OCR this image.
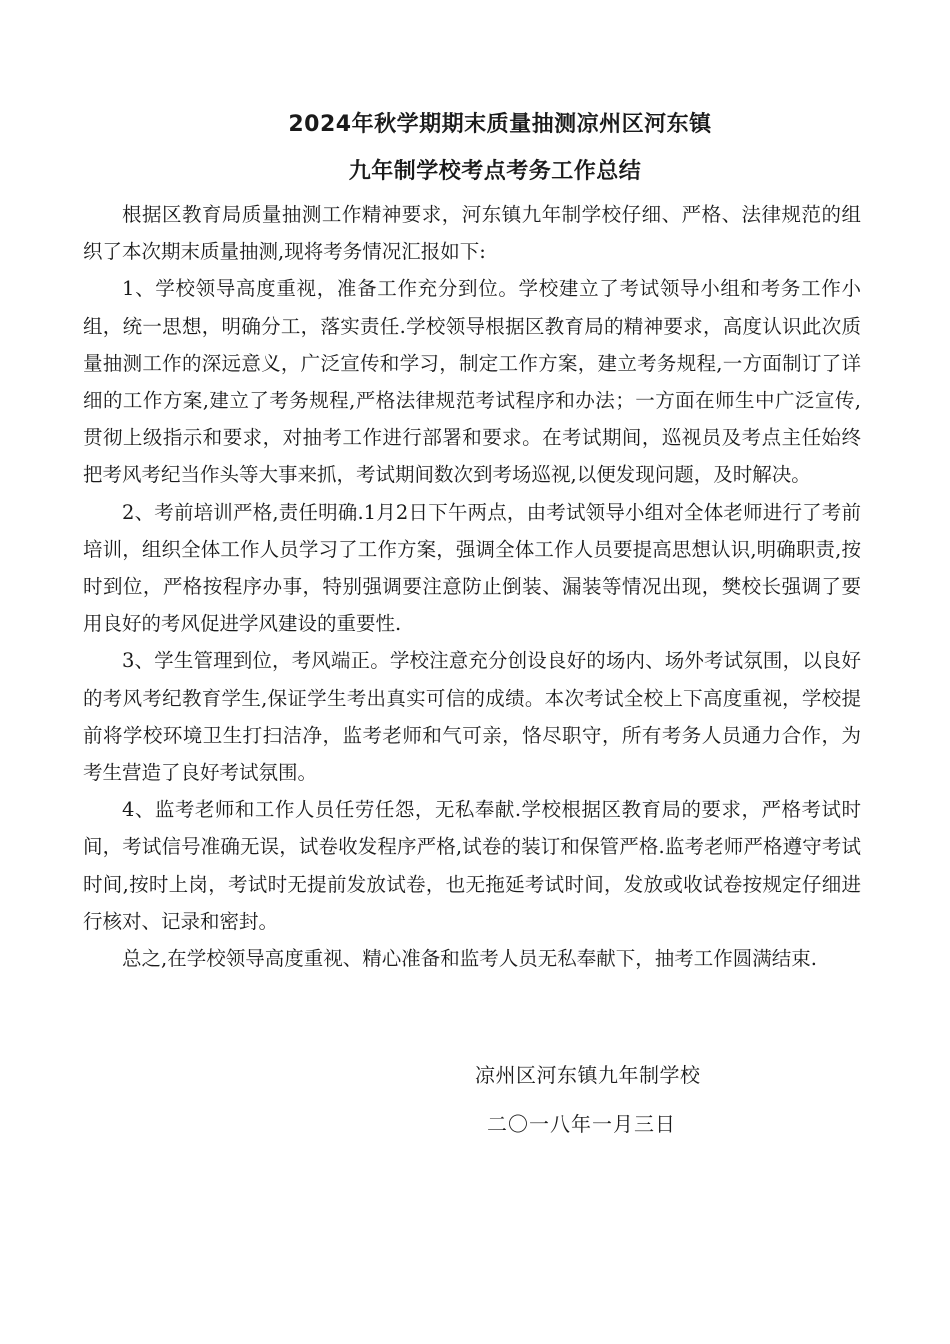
2024年秋学期期末质量抽测凉州区河东镇
九年制学校考点考务工作总结

根据区教育局质量抽测工作精神要求，河东镇九年制学校仔细、严格、法律规范的组织了本次期末质量抽测,现将考务情况汇报如下:

1、学校领导高度重视，准备工作充分到位。学校建立了考试领导小组和考务工作小组，统一思想，明确分工，落实责任.学校领导根据区教育局的精神要求，高度认识此次质量抽测工作的深远意义，广泛宣传和学习，制定工作方案，建立考务规程,一方面制订了详细的工作方案,建立了考务规程,严格法律规范考试程序和办法；一方面在师生中广泛宣传,贯彻上级指示和要求，对抽考工作进行部署和要求。在考试期间，巡视员及考点主任始终把考风考纪当作头等大事来抓，考试期间数次到考场巡视,以便发现问题，及时解决。

2、考前培训严格,责任明确.1月2日下午两点，由考试领导小组对全体老师进行了考前培训，组织全体工作人员学习了工作方案，强调全体工作人员要提高思想认识,明确职责,按时到位，严格按程序办事，特别强调要注意防止倒装、漏装等情况出现，樊校长强调了要用良好的考风促进学风建设的重要性.

3、学生管理到位，考风端正。学校注意充分创设良好的场内、场外考试氛围，以良好的考风考纪教育学生,保证学生考出真实可信的成绩。本次考试全校上下高度重视，学校提前将学校环境卫生打扫洁净，监考老师和气可亲，恪尽职守，所有考务人员通力合作，为考生营造了良好考试氛围。

4、监考老师和工作人员任劳任怨，无私奉献.学校根据区教育局的要求，严格考试时间，考试信号准确无误，试卷收发程序严格,试卷的装订和保管严格.监考老师严格遵守考试时间,按时上岗，考试时无提前发放试卷，也无拖延考试时间，发放或收试卷按规定仔细进行核对、记录和密封。

总之,在学校领导高度重视、精心准备和监考人员无私奉献下，抽考工作圆满结束.

凉州区河东镇九年制学校
二〇一八年一月三日
